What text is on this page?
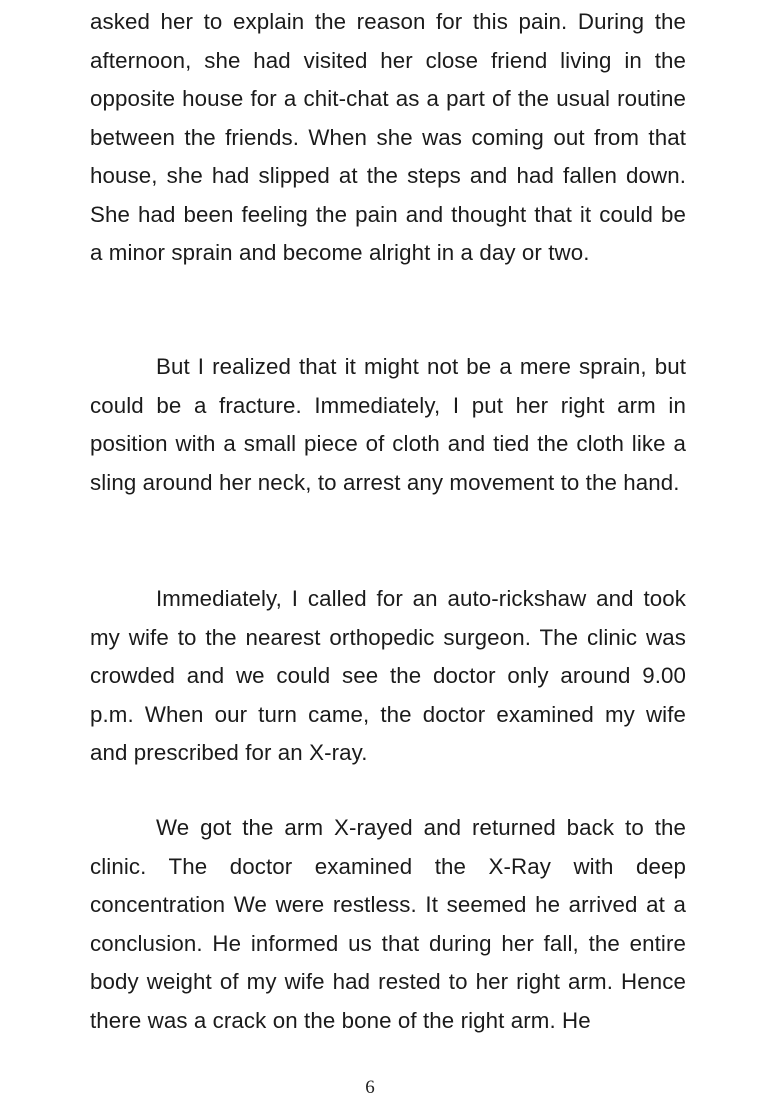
asked her to explain the reason for this pain. During the afternoon, she had visited her close friend living in the opposite house for a chit-chat as a part of the usual routine between the friends. When she was coming out from that house, she had slipped at the steps and had fallen down. She had been feeling the pain and thought that it could be a minor sprain and become alright in a day or two.

But I realized that it might not be a mere sprain, but could be a fracture. Immediately, I put her right arm in position with a small piece of cloth and tied the cloth like a sling around her neck, to arrest any movement to the hand.

Immediately, I called for an auto-rickshaw and took my wife to the nearest orthopedic surgeon. The clinic was crowded and we could see the doctor only around 9.00 p.m. When our turn came, the doctor examined my wife and prescribed for an X-ray.

We got the arm X-rayed and returned back to the clinic. The doctor examined the X-Ray with deep concentration We were restless. It seemed he arrived at a conclusion. He informed us that during her fall, the entire body weight of my wife had rested to her right arm. Hence there was a crack on the bone of the right arm. He

6
